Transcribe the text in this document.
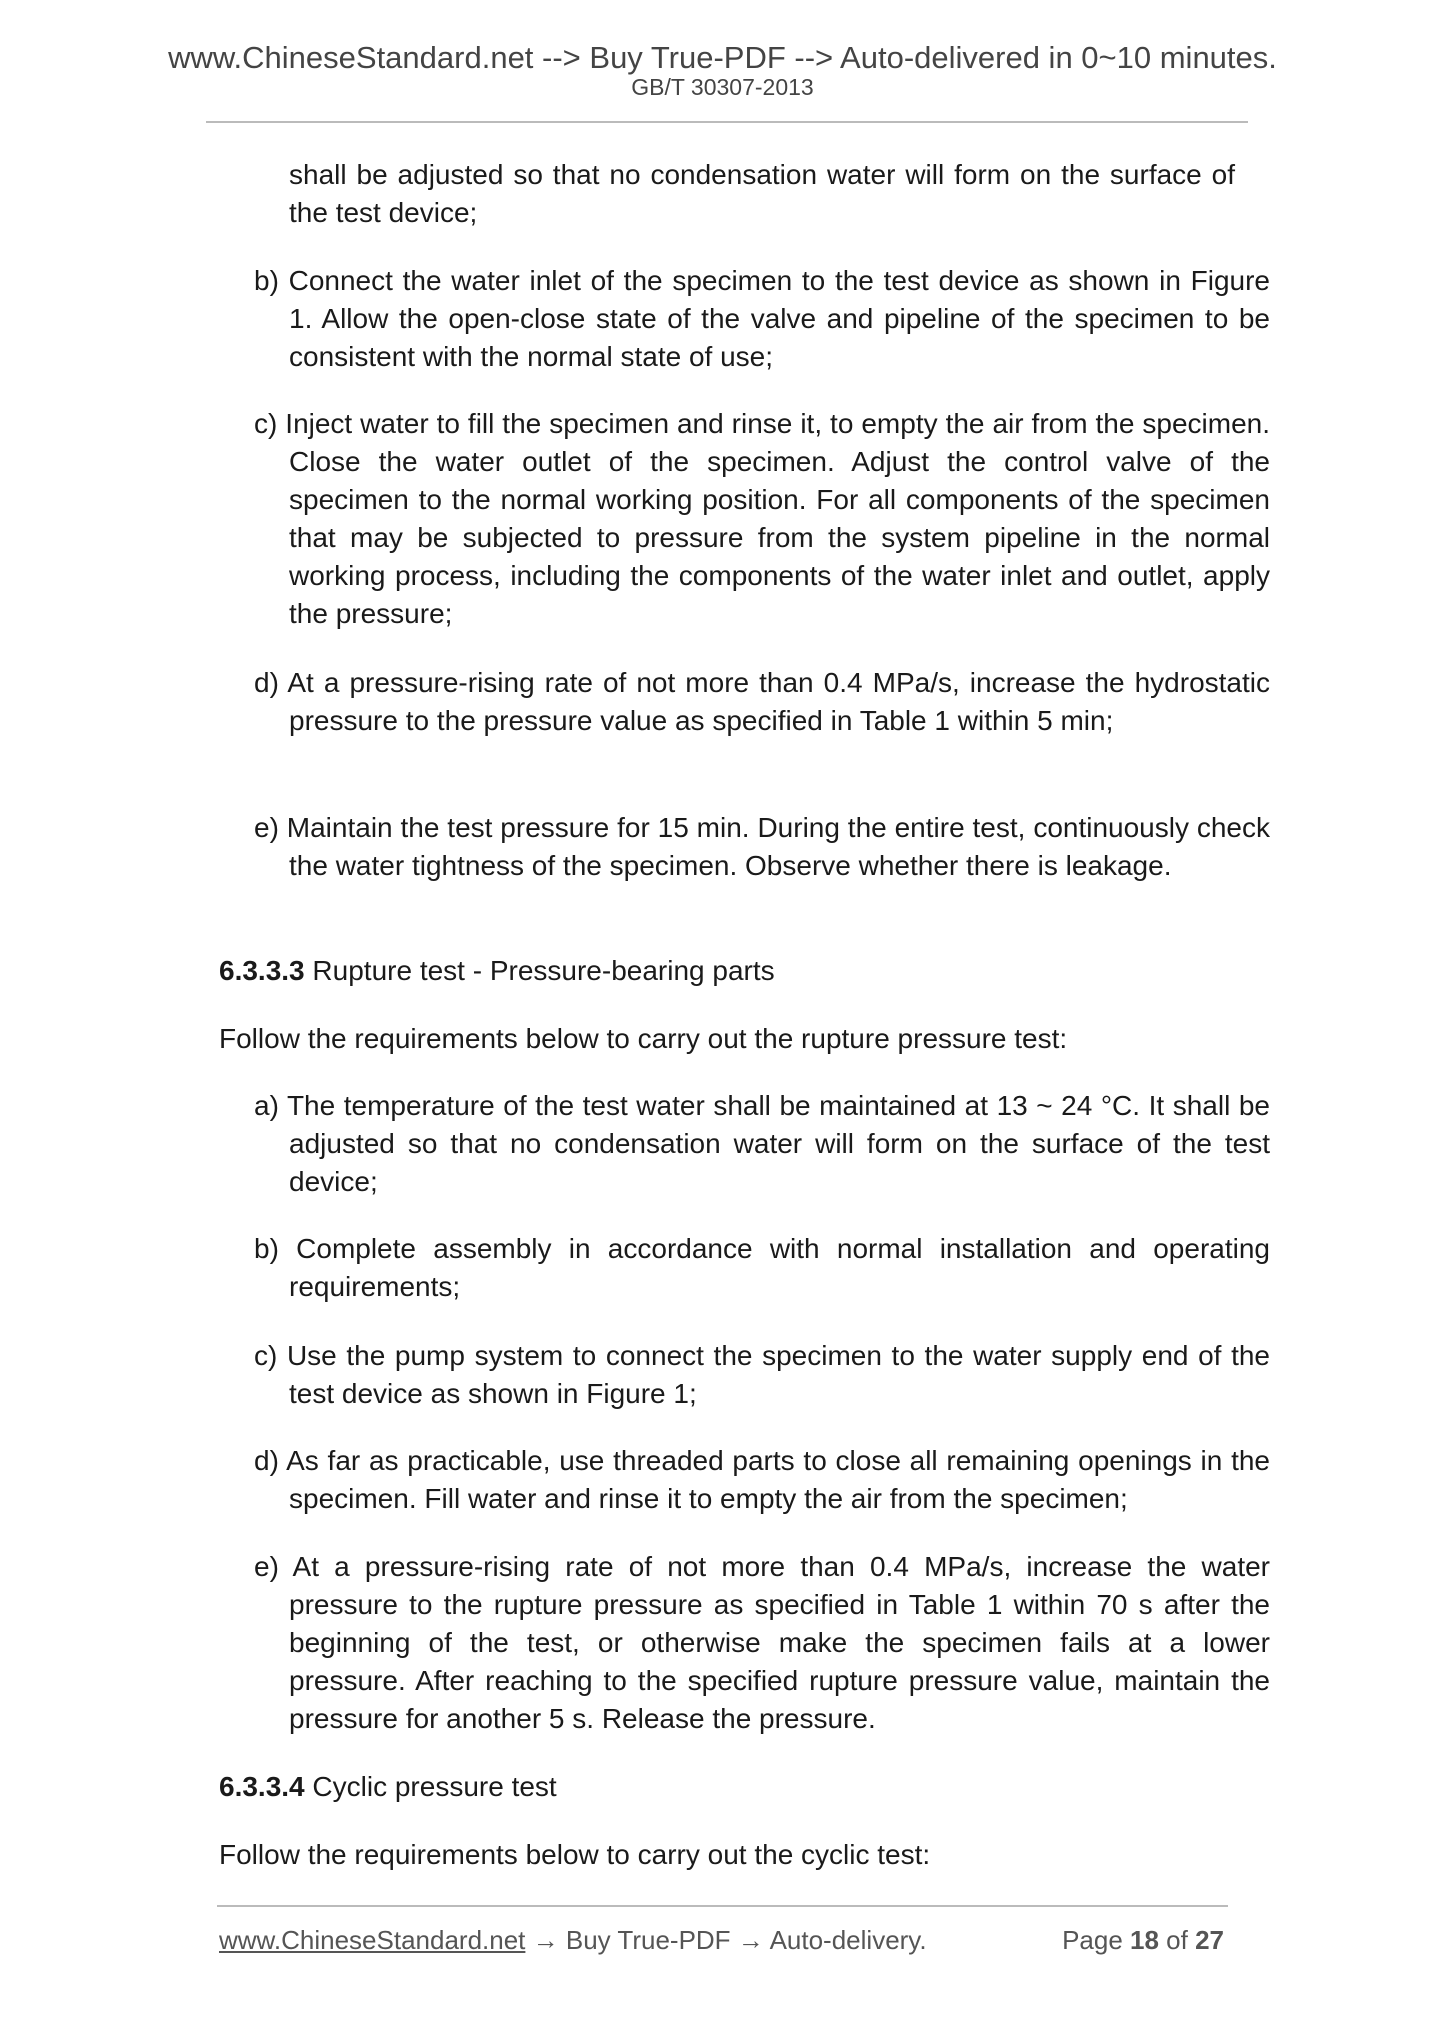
www.ChineseStandard.net --> Buy True-PDF --> Auto-delivered in 0~10 minutes.
GB/T 30307-2013
shall be adjusted so that no condensation water will form on the surface of the test device;
b) Connect the water inlet of the specimen to the test device as shown in Figure 1. Allow the open-close state of the valve and pipeline of the specimen to be consistent with the normal state of use;
c) Inject water to fill the specimen and rinse it, to empty the air from the specimen. Close the water outlet of the specimen. Adjust the control valve of the specimen to the normal working position. For all components of the specimen that may be subjected to pressure from the system pipeline in the normal working process, including the components of the water inlet and outlet, apply the pressure;
d) At a pressure-rising rate of not more than 0.4 MPa/s, increase the hydrostatic pressure to the pressure value as specified in Table 1 within 5 min;
e) Maintain the test pressure for 15 min. During the entire test, continuously check the water tightness of the specimen. Observe whether there is leakage.
6.3.3.3 Rupture test - Pressure-bearing parts
Follow the requirements below to carry out the rupture pressure test:
a) The temperature of the test water shall be maintained at 13 ~ 24 °C. It shall be adjusted so that no condensation water will form on the surface of the test device;
b) Complete assembly in accordance with normal installation and operating requirements;
c) Use the pump system to connect the specimen to the water supply end of the test device as shown in Figure 1;
d) As far as practicable, use threaded parts to close all remaining openings in the specimen. Fill water and rinse it to empty the air from the specimen;
e) At a pressure-rising rate of not more than 0.4 MPa/s, increase the water pressure to the rupture pressure as specified in Table 1 within 70 s after the beginning of the test, or otherwise make the specimen fails at a lower pressure. After reaching to the specified rupture pressure value, maintain the pressure for another 5 s. Release the pressure.
6.3.3.4 Cyclic pressure test
Follow the requirements below to carry out the cyclic test:
www.ChineseStandard.net → Buy True-PDF → Auto-delivery.	Page 18 of 27
